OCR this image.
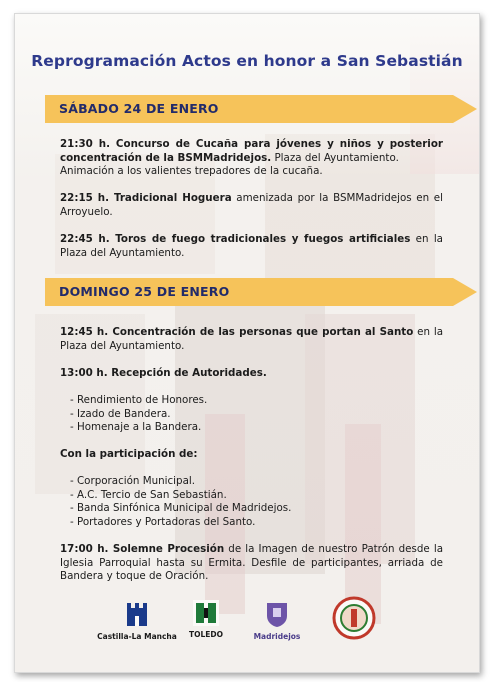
Reprogramación Actos en honor a San Sebastián
SÁBADO 24 DE ENERO
21:30 h. Concurso de Cucaña para jóvenes y niños y posterior concentración de la BSMMadridejos. Plaza del Ayuntamiento.
Animación a los valientes trepadores de la cucaña.
22:15 h. Tradicional Hoguera amenizada por la BSMMadridejos en el Arroyuelo.
22:45 h. Toros de fuego tradicionales y fuegos artificiales en la Plaza del Ayuntamiento.
DOMINGO 25 DE ENERO
12:45 h. Concentración de las personas que portan al Santo en la Plaza del Ayuntamiento.
13:00 h. Recepción de Autoridades.
- Rendimiento de Honores.
- Izado de Bandera.
- Homenaje a la Bandera.
Con la participación de:
- Corporación Municipal.
- A.C. Tercio de San Sebastián.
- Banda Sinfónica Municipal de Madridejos.
- Portadores y Portadoras del Santo.
17:00 h. Solemne Procesión de la Imagen de nuestro Patrón desde la Iglesia Parroquial hasta su Ermita. Desfile de participantes, arriada de Bandera y toque de Oración.
Castilla-La Mancha	TOLEDO	Madridejos
